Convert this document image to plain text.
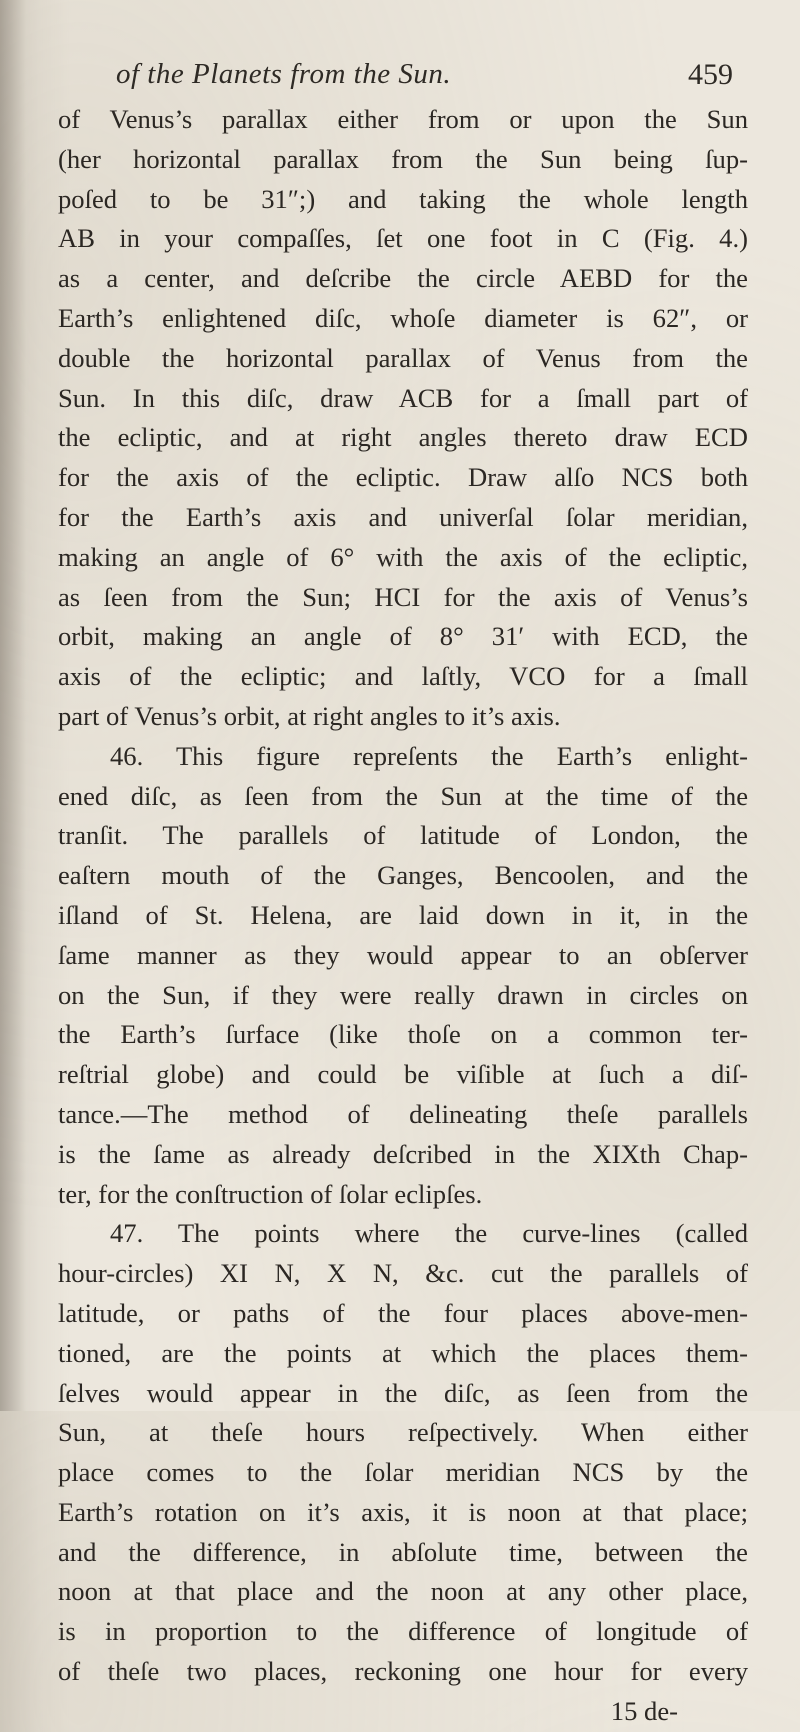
of the Planets from the Sun.	459
of Venus’s parallax either from or upon the Sun
(her horizontal parallax from the Sun being ſup-
poſed to be 31″;) and taking the whole length
AB in your compaſſes, ſet one foot in C (Fig. 4.)
as a center, and deſcribe the circle AEBD for the
Earth’s enlightened diſc, whoſe diameter is 62″, or
double the horizontal parallax of Venus from the
Sun. In this diſc, draw ACB for a ſmall part of
the ecliptic, and at right angles thereto draw ECD
for the axis of the ecliptic. Draw alſo NCS both
for the Earth’s axis and univerſal ſolar meridian,
making an angle of 6° with the axis of the ecliptic,
as ſeen from the Sun; HCI for the axis of Venus’s
orbit, making an angle of 8° 31′ with ECD, the
axis of the ecliptic; and laſtly, VCO for a ſmall
part of Venus’s orbit, at right angles to it’s axis.
46. This figure repreſents the Earth’s enlight-
ened diſc, as ſeen from the Sun at the time of the
tranſit. The parallels of latitude of London, the
eaſtern mouth of the Ganges, Bencoolen, and the
iſland of St. Helena, are laid down in it, in the
ſame manner as they would appear to an obſerver
on the Sun, if they were really drawn in circles on
the Earth’s ſurface (like thoſe on a common ter-
reſtrial globe) and could be viſible at ſuch a diſ-
tance.—The method of delineating theſe parallels
is the ſame as already deſcribed in the XIXth Chap-
ter, for the conſtruction of ſolar eclipſes.
47. The points where the curve-lines (called
hour-circles) XI N, X N, &c. cut the parallels of
latitude, or paths of the four places above-men-
tioned, are the points at which the places them-
ſelves would appear in the diſc, as ſeen from the
Sun, at theſe hours reſpectively. When either
place comes to the ſolar meridian NCS by the
Earth’s rotation on it’s axis, it is noon at that place;
and the difference, in abſolute time, between the
noon at that place and the noon at any other place,
is in proportion to the difference of longitude of
of theſe two places, reckoning one hour for every
15 de-
